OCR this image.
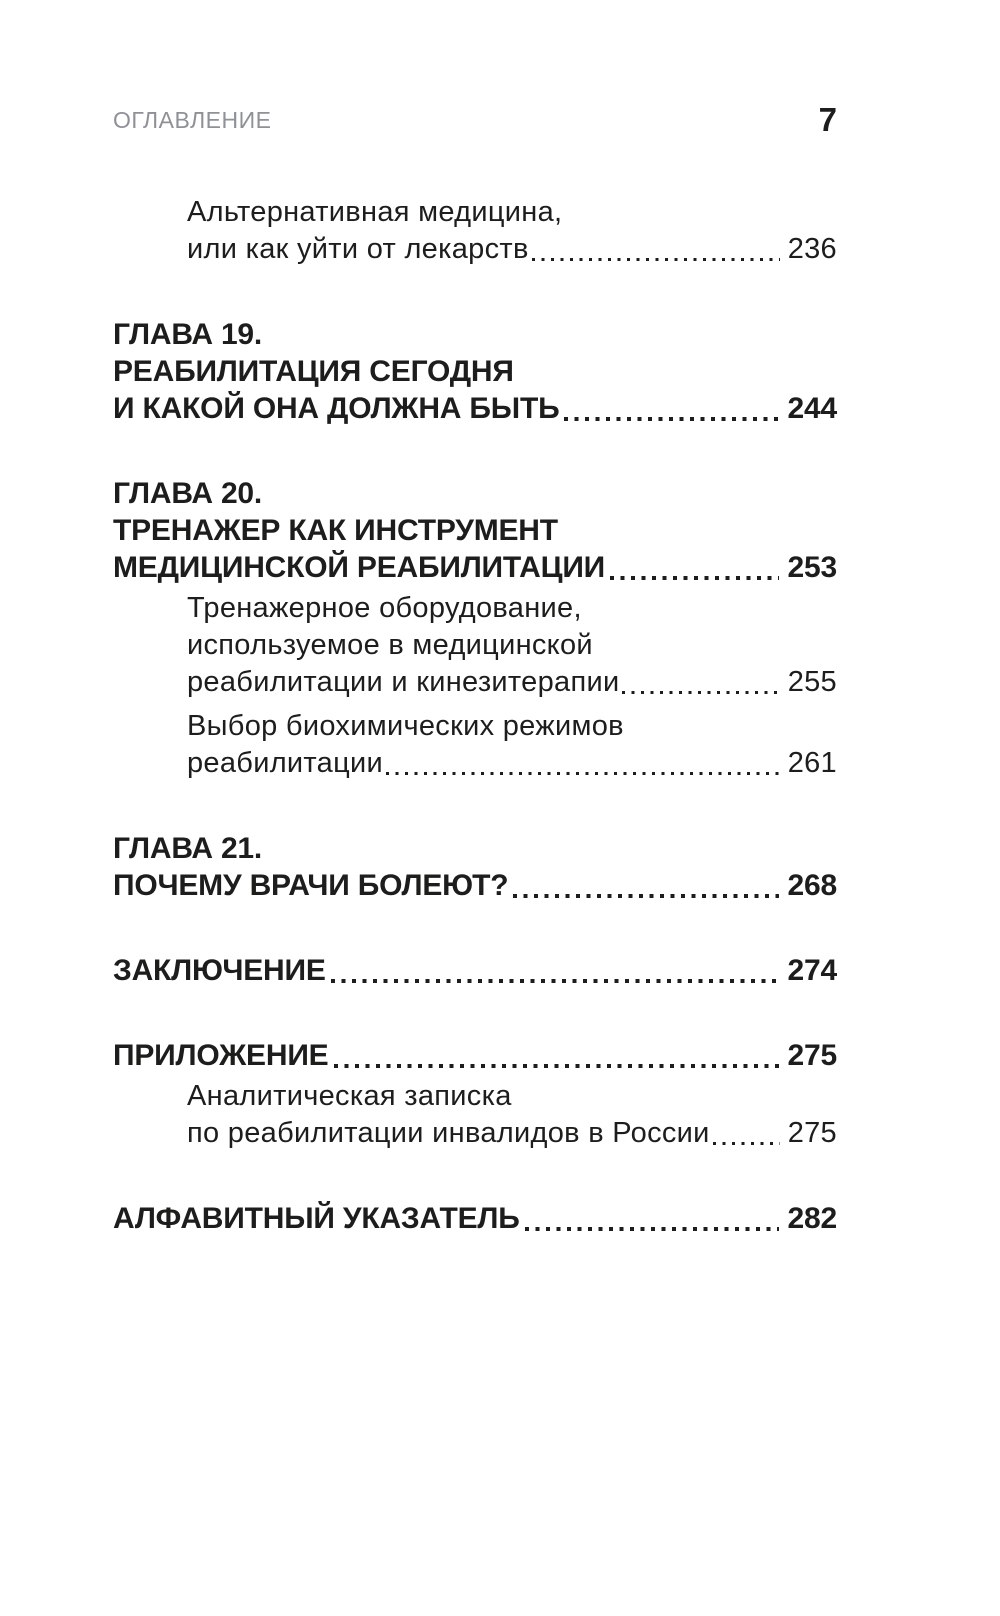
ОГЛАВЛЕНИЕ	7
Альтернативная медицина,
или как уйти от лекарств	236
ГЛАВА 19.
РЕАБИЛИТАЦИЯ СЕГОДНЯ
И КАКОЙ ОНА ДОЛЖНА БЫТЬ	244
ГЛАВА 20.
ТРЕНАЖЕР КАК ИНСТРУМЕНТ
МЕДИЦИНСКОЙ РЕАБИЛИТАЦИИ	253
Тренажерное оборудование,
используемое в медицинской
реабилитации и кинезитерапии	255
Выбор биохимических режимов
реабилитации	261
ГЛАВА 21.
ПОЧЕМУ ВРАЧИ БОЛЕЮТ?	268
ЗАКЛЮЧЕНИЕ	274
ПРИЛОЖЕНИЕ	275
Аналитическая записка
по реабилитации инвалидов в России	275
АЛФАВИТНЫЙ УКАЗАТЕЛЬ	282
